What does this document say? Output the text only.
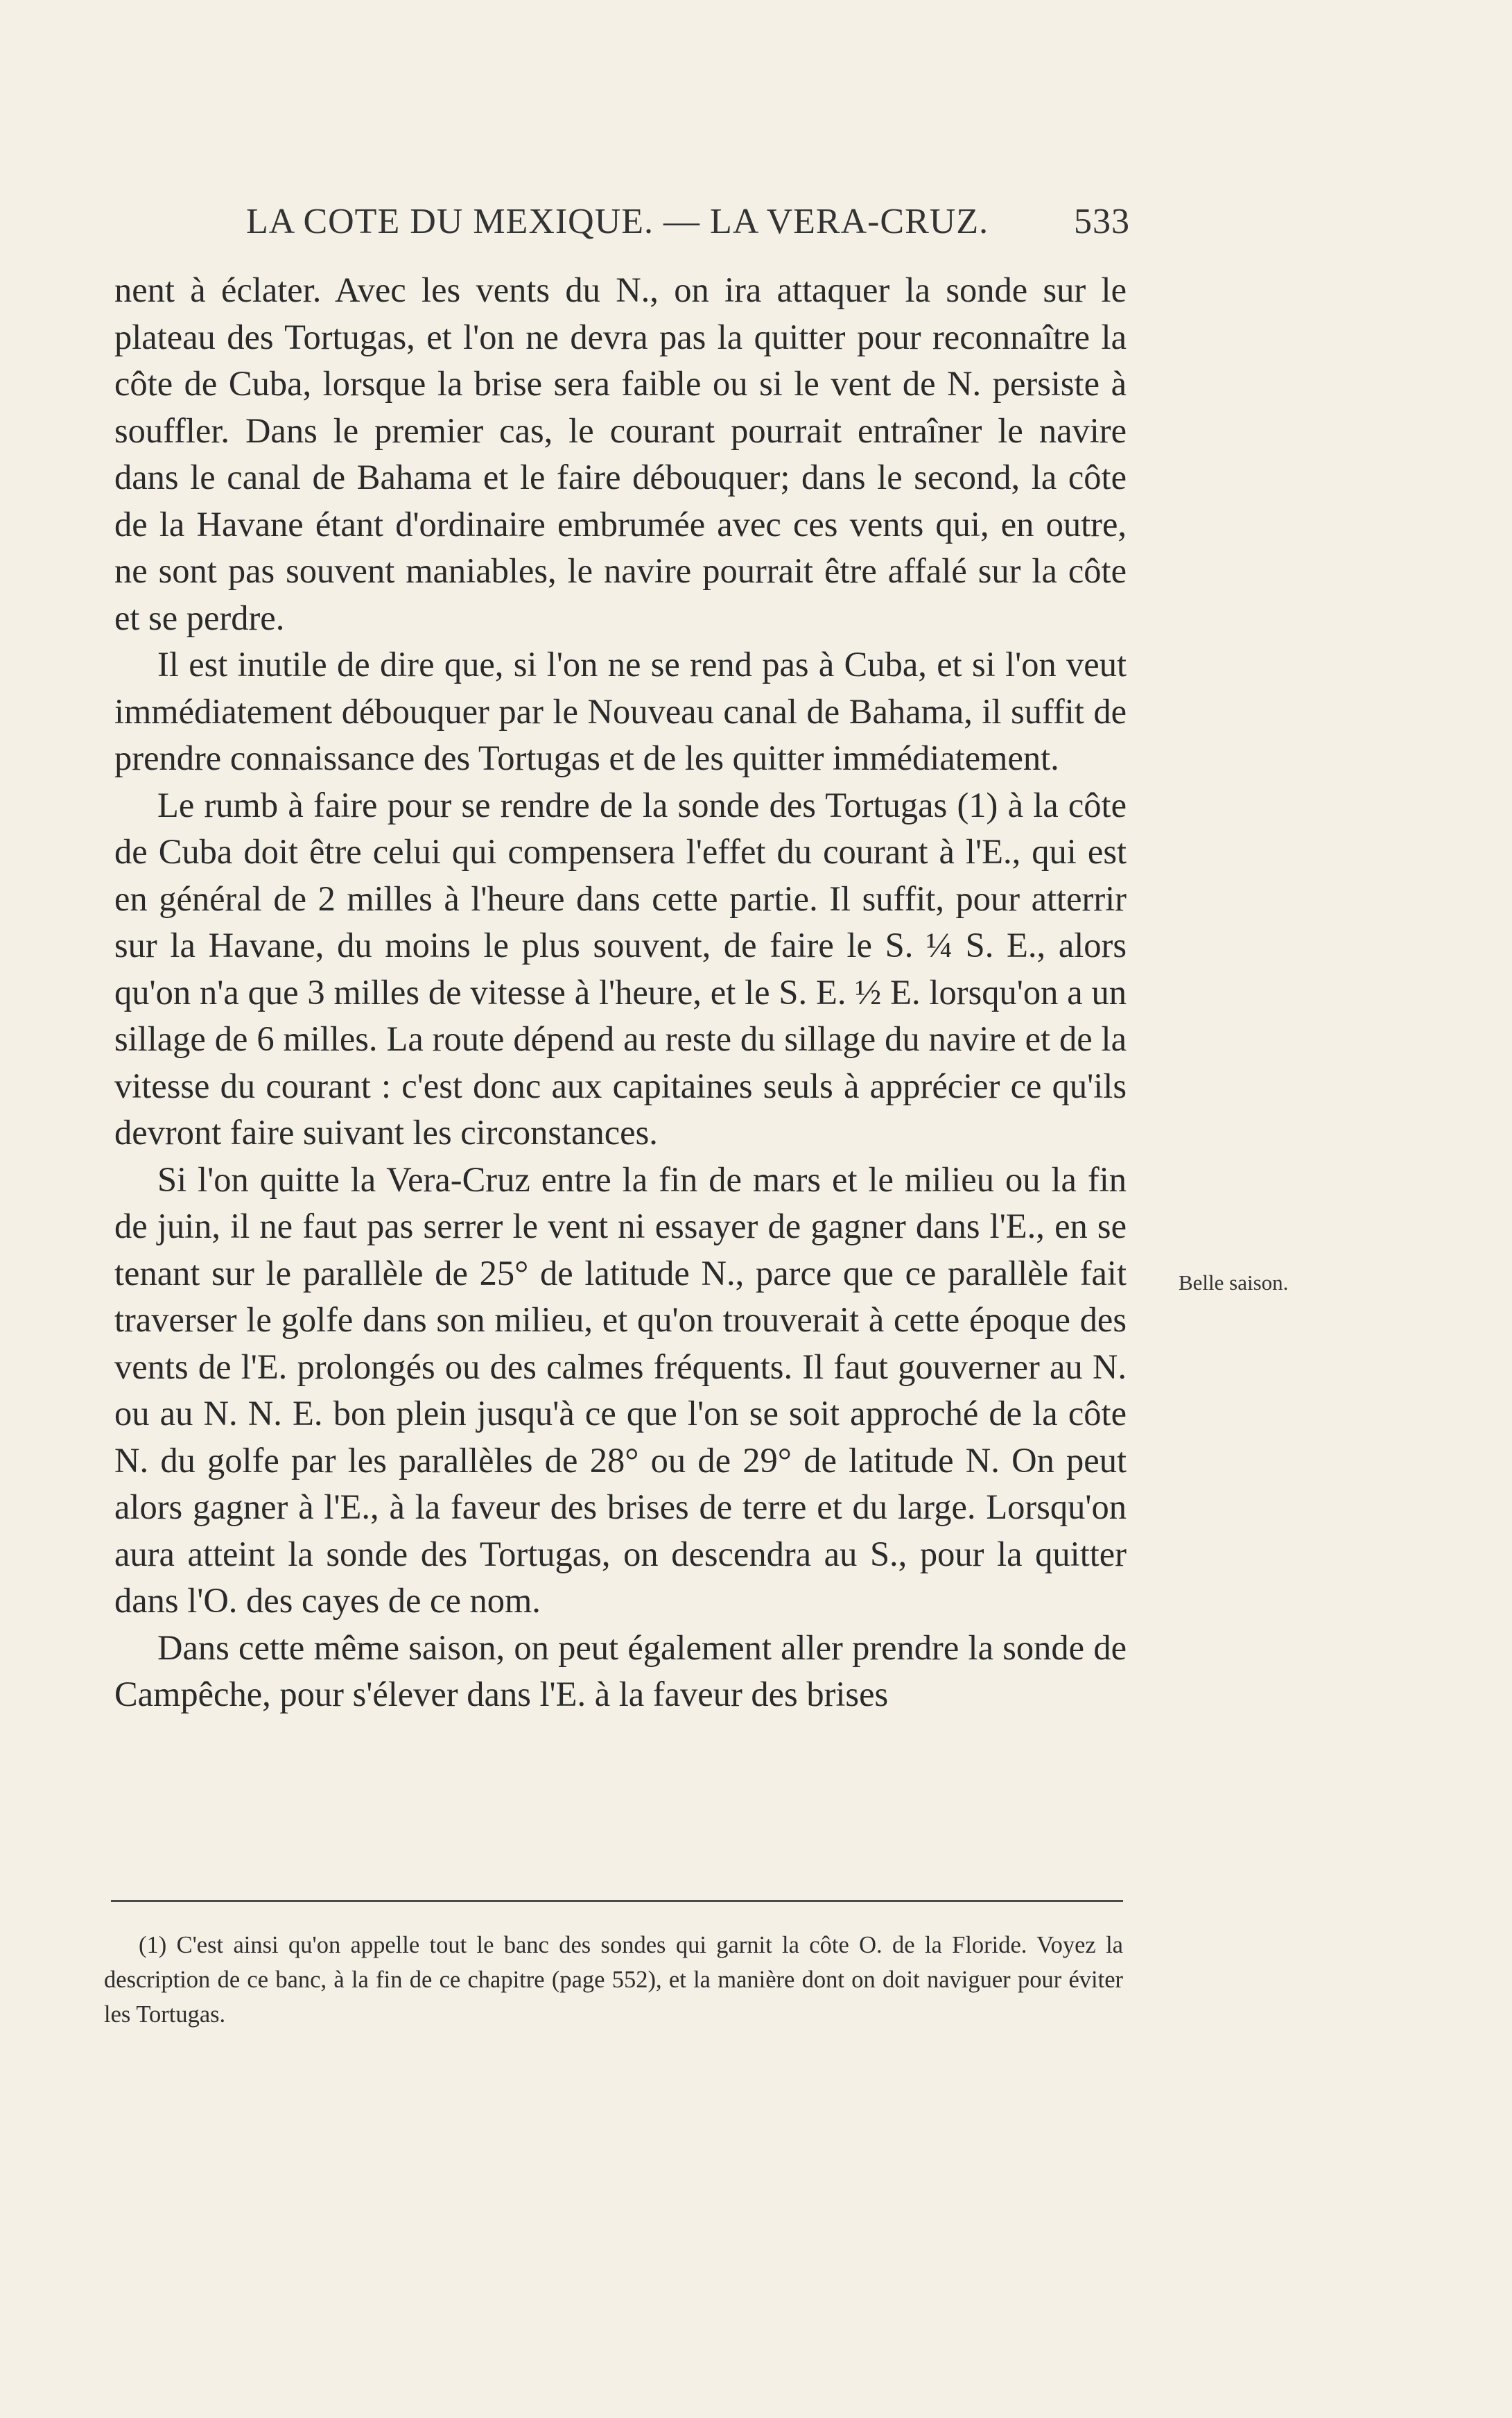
LA COTE DU MEXIQUE. — LA VERA-CRUZ. 533

nent à éclater. Avec les vents du N., on ira attaquer la sonde sur le plateau des Tortugas, et l'on ne devra pas la quitter pour reconnaître la côte de Cuba, lorsque la brise sera faible ou si le vent de N. persiste à souffler. Dans le premier cas, le courant pourrait entraîner le navire dans le canal de Bahama et le faire débouquer; dans le second, la côte de la Havane étant d'ordinaire embrumée avec ces vents qui, en outre, ne sont pas souvent maniables, le navire pourrait être affalé sur la côte et se perdre.

Il est inutile de dire que, si l'on ne se rend pas à Cuba, et si l'on veut immédiatement débouquer par le Nouveau canal de Bahama, il suffit de prendre connaissance des Tortugas et de les quitter immédiatement.

Le rumb à faire pour se rendre de la sonde des Tortugas (1) à la côte de Cuba doit être celui qui compensera l'effet du courant à l'E., qui est en général de 2 milles à l'heure dans cette partie. Il suffit, pour atterrir sur la Havane, du moins le plus souvent, de faire le S. ¼ S. E., alors qu'on n'a que 3 milles de vitesse à l'heure, et le S. E. ½ E. lorsqu'on a un sillage de 6 milles. La route dépend au reste du sillage du navire et de la vitesse du courant : c'est donc aux capitaines seuls à apprécier ce qu'ils devront faire suivant les circonstances.

Si l'on quitte la Vera-Cruz entre la fin de mars et le milieu ou la fin de juin, il ne faut pas serrer le vent ni essayer de gagner dans l'E., en se tenant sur le parallèle de 25° de latitude N., parce que ce parallèle fait traverser le golfe dans son milieu, et qu'on trouverait à cette époque des vents de l'E. prolongés ou des calmes fréquents. Il faut gouverner au N. ou au N. N. E. bon plein jusqu'à ce que l'on se soit approché de la côte N. du golfe par les parallèles de 28° ou de 29° de latitude N. On peut alors gagner à l'E., à la faveur des brises de terre et du large. Lorsqu'on aura atteint la sonde des Tortugas, on descendra au S., pour la quitter dans l'O. des cayes de ce nom.

Dans cette même saison, on peut également aller prendre la sonde de Campêche, pour s'élever dans l'E. à la faveur des brises

Belle saison.

(1) C'est ainsi qu'on appelle tout le banc des sondes qui garnit la côte O. de la Floride. Voyez la description de ce banc, à la fin de ce chapitre (page 552), et la manière dont on doit naviguer pour éviter les Tortugas.
